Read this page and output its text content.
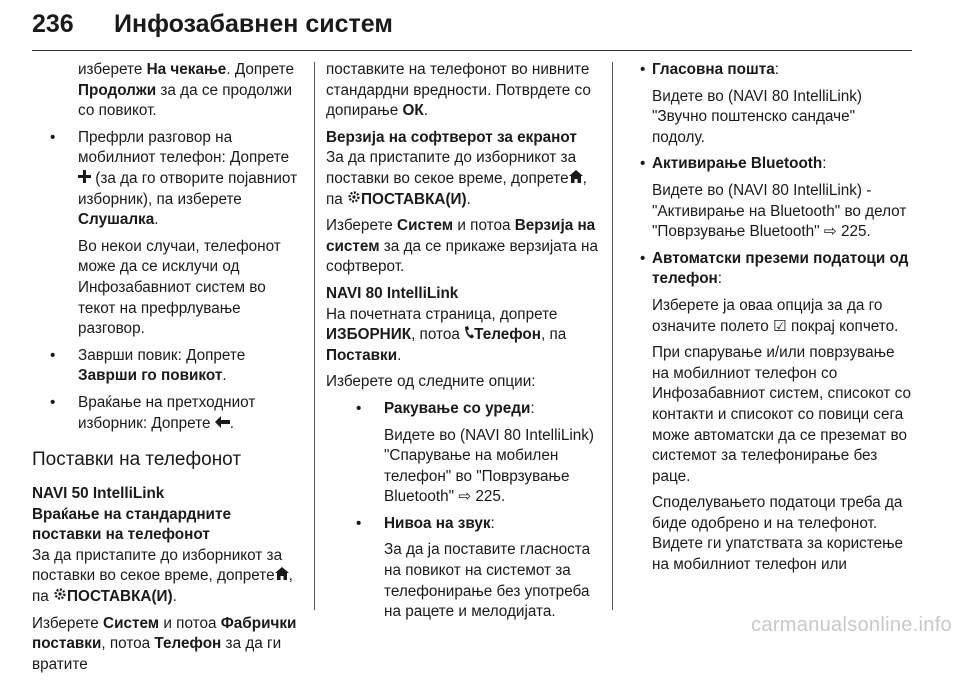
236 Инфозабавнен систем

изберете На чекање. Допрете Продолжи за да се продолжи со повикот.

• Префрли разговор на мобилниот телефон: Допрете  (за да го отворите појавниот изборник), па изберете Слушалка.

Во некои случаи, телефонот може да се исклучи од Инфозабавниот систем во текот на префрлување разговор.

• Заврши повик: Допрете Заврши го повикот.
• Враќање на претходниот изборник: Допрете .
Поставки на телефонот
NAVI 50 IntelliLink
Враќање на стандардните поставки на телефонот

За да пристапите до изборникот за поставки во секое време, допрете , па ПОСТАВКА(И).

Изберете Систем и потоа Фабрички поставки, потоа Телефон за да ги вратите

поставките на телефонот во нивните стандардни вредности. Потврдете со допирање ОК.

Верзија на софтверот за екранот

За да пристапите до изборникот за поставки во секое време, допрете , па ПОСТАВКА(И).

Изберете Систем и потоа Верзија на систем за да се прикаже верзијата на софтверот.

NAVI 80 IntelliLink

На почетната страница, допрете ИЗБОРНИК, потоа Телефон, па Поставки.

Изберете од следните опции:

• Ракување со уреди:

Видете во (NAVI 80 IntelliLink) "Спарување на мобилен телефон" во "Поврзување Bluetooth" ⇨ 225.

• Нивоа на звук:

За да ја поставите гласноста на повикот на системот за телефонирање без употреба на рацете и мелодијата.

• Гласовна пошта:

Видете во (NAVI 80 IntelliLink) "Звучно поштенско сандаче" подолу.

• Активирање Bluetooth:

Видете во (NAVI 80 IntelliLink) - "Активирање на Bluetooth" во делот "Поврзување Bluetooth" ⇨ 225.

• Автоматски преземи податоци од телефон:

Изберете ја оваа опција за да го означите полето ☑ покрај копчето.

При спарување и/или поврзување на мобилниот телефон со Инфозабавниот систем, списокот со контакти и списокот со повици сега може автоматски да се преземат во системот за телефонирање без раце.

Споделувањето податоци треба да биде одобрено и на телефонот. Видете ги упатствата за користење на мобилниот телефон или

carmanualsonline.info
